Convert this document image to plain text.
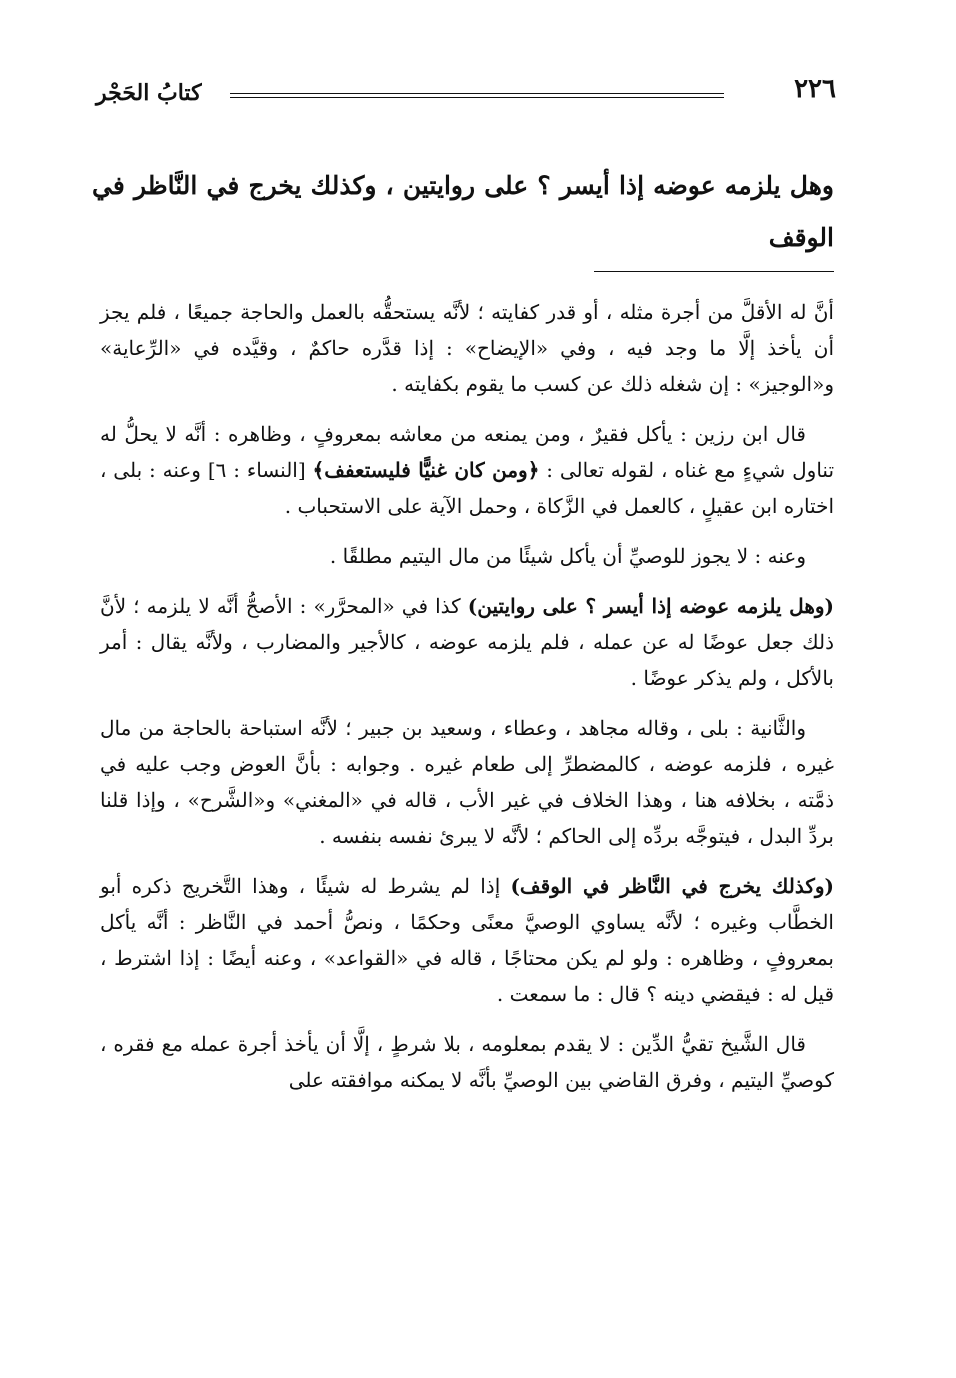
٢٢٦
كتابُ الحَجْر
وهل يلزمه عوضه إذا أيسر ؟ على روايتين ، وكذلك يخرج في النَّاظر في الوقف

أنَّ له الأقلَّ من أجرة مثله ، أو قدر كفايته ؛ لأنَّه يستحقُّه بالعمل والحاجة جميعًا ، فلم يجز أن يأخذ إلَّا ما وجد فيه ، وفي «الإيضاح» : إذا قدَّره حاكمٌ ، وقيَّده في «الرِّعاية» و«الوجيز» : إن شغله ذلك عن كسب ما يقوم بكفايته .

قال ابن رزين : يأكل فقيرٌ ، ومن يمنعه من معاشه بمعروفٍ ، وظاهره : أنَّه لا يحلُّ له تناول شيءٍ مع غناه ، لقوله تعالى : ﴿ومن كان غنيًّا فليستعفف﴾ [النساء : ٦] وعنه : بلى ، اختاره ابن عقيلٍ ، كالعمل في الزَّكاة ، وحمل الآية على الاستحباب .

وعنه : لا يجوز للوصيِّ أن يأكل شيئًا من مال اليتيم مطلقًا .

(وهل يلزمه عوضه إذا أيسر ؟ على روايتين) كذا في «المحرَّر» : الأصحُّ أنَّه لا يلزمه ؛ لأنَّ ذلك جعل عوضًا له عن عمله ، فلم يلزمه عوضه ، كالأجير والمضارب ، ولأنَّه يقال : أمر بالأكل ، ولم يذكر عوضًا .

والثَّانية : بلى ، وقاله مجاهد ، وعطاء ، وسعيد بن جبير ؛ لأنَّه استباحة بالحاجة من مال غيره ، فلزمه عوضه ، كالمضطرِّ إلى طعام غيره . وجوابه : بأنَّ العوض وجب عليه في ذمَّته ، بخلافه هنا ، وهذا الخلاف في غير الأب ، قاله في «المغني» و«الشَّرح» ، وإذا قلنا بردِّ البدل ، فيتوجَّه بردِّه إلى الحاكم ؛ لأنَّه لا يبرئ نفسه بنفسه .

(وكذلك يخرج في النَّاظر في الوقف) إذا لم يشرط له شيئًا ، وهذا التَّخريج ذكره أبو الخطَّاب وغيره ؛ لأنَّه يساوي الوصيَّ معنًى وحكمًا ، ونصُّ أحمد في النَّاظر : أنَّه يأكل بمعروفٍ ، وظاهره : ولو لم يكن محتاجًا ، قاله في «القواعد» ، وعنه أيضًا : إذا اشترط ، قيل له : فيقضي دينه ؟ قال : ما سمعت .

قال الشَّيخ تقيُّ الدِّين : لا يقدم بمعلومه ، بلا شرطٍ ، إلَّا أن يأخذ أجرة عمله مع فقره ، كوصيِّ اليتيم ، وفرق القاضي بين الوصيِّ بأنَّه لا يمكنه موافقته على
